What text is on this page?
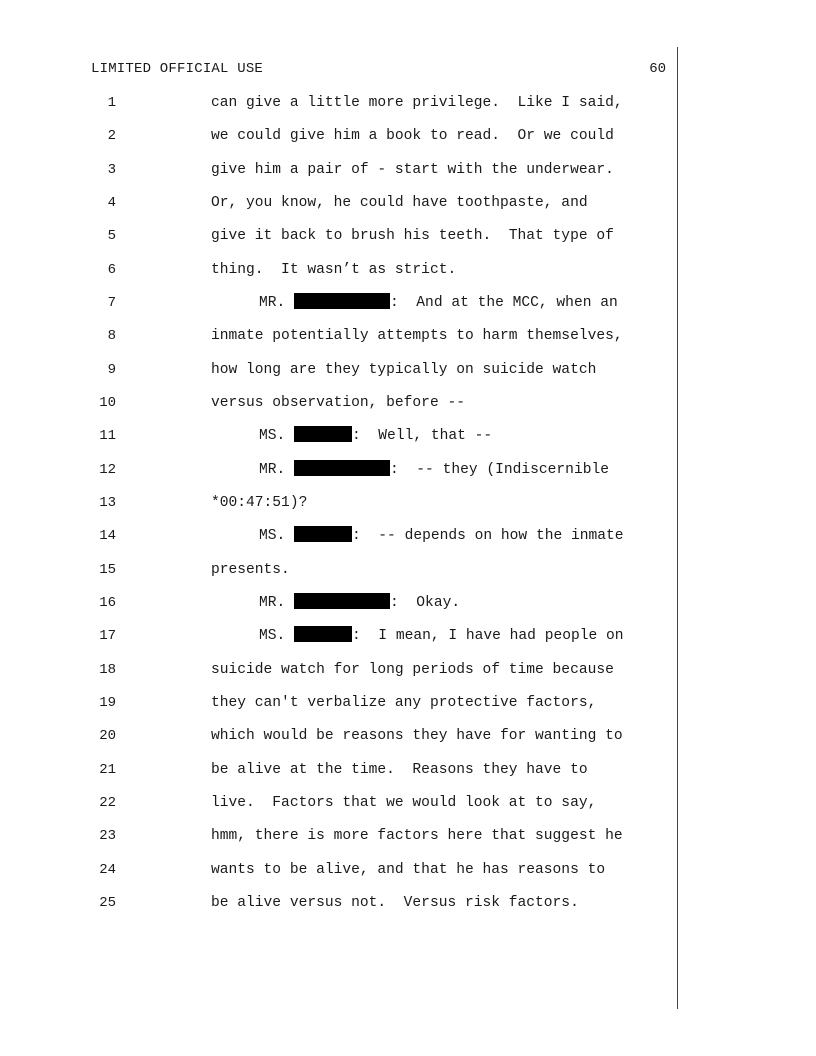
LIMITED OFFICIAL USE	60
1	can give a little more privilege.  Like I said,
2	we could give him a book to read.  Or we could
3	give him a pair of - start with the underwear.
4	Or, you know, he could have toothpaste, and
5	give it back to brush his teeth.  That type of
6	thing.  It wasn’t as strict.
7	MR.	:  And at the MCC, when an
8	inmate potentially attempts to harm themselves,
9	how long are they typically on suicide watch
10	versus observation, before --
11	MS.	:  Well, that --
12	MR.	:  -- they (Indiscernible
13	*00:47:51)?
14	MS.	:  -- depends on how the inmate
15	presents.
16	MR.	:  Okay.
17	MS.	:  I mean, I have had people on
18	suicide watch for long periods of time because
19	they can't verbalize any protective factors,
20	which would be reasons they have for wanting to
21	be alive at the time.  Reasons they have to
22	live.  Factors that we would look at to say,
23	hmm, there is more factors here that suggest he
24	wants to be alive, and that he has reasons to
25	be alive versus not.  Versus risk factors.
